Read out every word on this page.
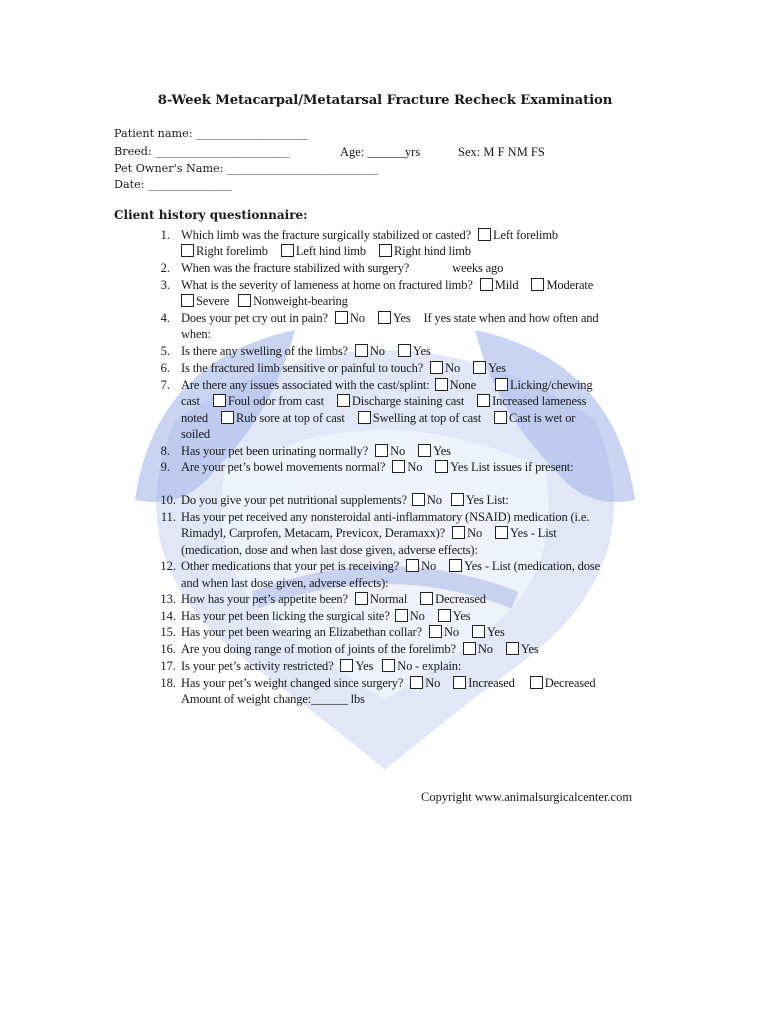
8-Week Metacarpal/Metatarsal Fracture Recheck Examination
Patient name: ____________________
Breed: ________________________	Age: ______yrs	Sex: M F NM FS
Pet Owner's Name: ___________________________
Date: _______________
Client history questionnaire:
1. Which limb was the fracture surgically stabilized or casted? Left forelimb
Right forelimb Left hind limb Right hind limb
2. When was the fracture stabilized with surgery?	weeks ago
3. What is the severity of lameness at home on fractured limb? Mild Moderate
Severe Nonweight-bearing
4. Does your pet cry out in pain? No Yes If yes state when and how often and
when:
5. Is there any swelling of the limbs? No Yes
6. Is the fractured limb sensitive or painful to touch? No Yes
7. Are there any issues associated with the cast/splint: None	Licking/chewing
cast Foul odor from cast Discharge staining cast Increased lameness
noted Rub sore at top of cast Swelling at top of cast Cast is wet or
soiled
8. Has your pet been urinating normally? No Yes
9. Are your pet’s bowel movements normal? No Yes List issues if present:
10. Do you give your pet nutritional supplements? No Yes List:
11. Has your pet received any nonsteroidal anti-inflammatory (NSAID) medication (i.e.
Rimadyl, Carprofen, Metacam, Previcox, Deramaxx)? No Yes - List
(medication, dose and when last dose given, adverse effects):
12. Other medications that your pet is receiving? No Yes - List (medication, dose
and when last dose given, adverse effects):
13. How has your pet’s appetite been? Normal Decreased
14. Has your pet been licking the surgical site? No Yes
15. Has your pet been wearing an Elizabethan collar? No Yes
16. Are you doing range of motion of joints of the forelimb? No Yes
17. Is your pet’s activity restricted? Yes No - explain:
18. Has your pet’s weight changed since surgery? No Increased Decreased
Amount of weight change:______ lbs
Copyright www.animalsurgicalcenter.com
